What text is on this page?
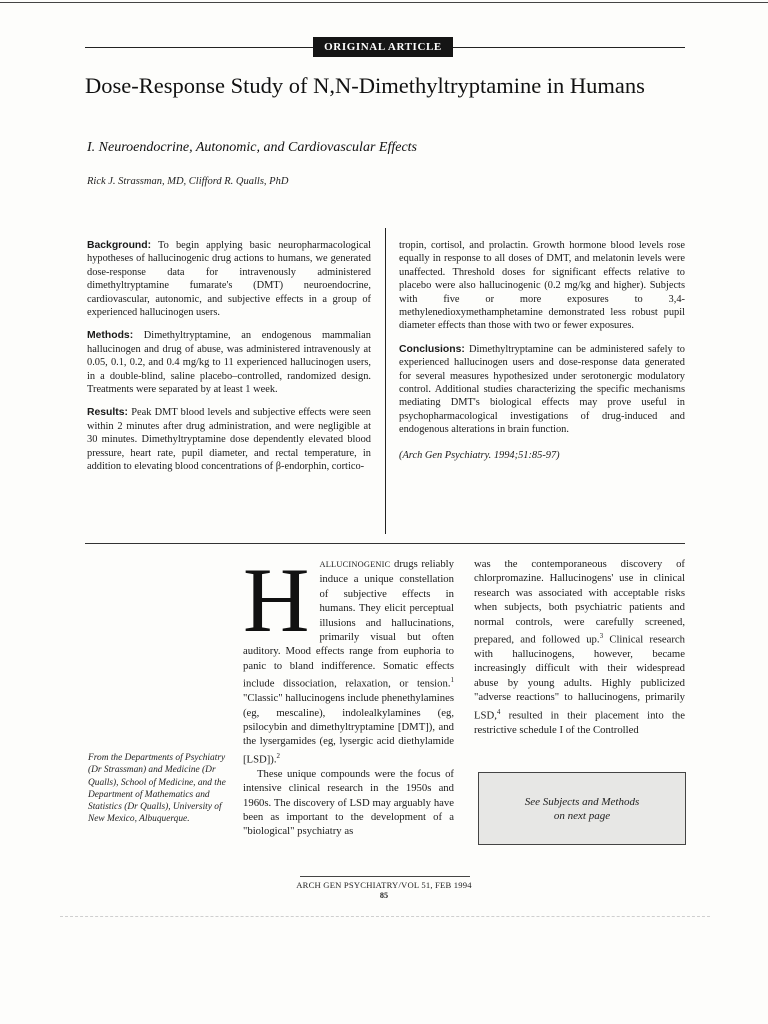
ORIGINAL ARTICLE
Dose-Response Study of N,N-Dimethyltryptamine in Humans
I. Neuroendocrine, Autonomic, and Cardiovascular Effects
Rick J. Strassman, MD, Clifford R. Qualls, PhD

Background: To begin applying basic neuropharmacological hypotheses of hallucinogenic drug actions to humans, we generated dose-response data for intravenously administered dimethyltryptamine fumarate's (DMT) neuroendocrine, cardiovascular, autonomic, and subjective effects in a group of experienced hallucinogen users.

Methods: Dimethyltryptamine, an endogenous mammalian hallucinogen and drug of abuse, was administered intravenously at 0.05, 0.1, 0.2, and 0.4 mg/kg to 11 experienced hallucinogen users, in a double-blind, saline placebo–controlled, randomized design. Treatments were separated by at least 1 week.

Results: Peak DMT blood levels and subjective effects were seen within 2 minutes after drug administration, and were negligible at 30 minutes. Dimethyltryptamine dose dependently elevated blood pressure, heart rate, pupil diameter, and rectal temperature, in addition to elevating blood concentrations of β-endorphin, cortico-

tropin, cortisol, and prolactin. Growth hormone blood levels rose equally in response to all doses of DMT, and melatonin levels were unaffected. Threshold doses for significant effects relative to placebo were also hallucinogenic (0.2 mg/kg and higher). Subjects with five or more exposures to 3,4-methylenedioxymethamphetamine demonstrated less robust pupil diameter effects than those with two or fewer exposures.

Conclusions: Dimethyltryptamine can be administered safely to experienced hallucinogen users and dose-response data generated for several measures hypothesized under serotonergic modulatory control. Additional studies characterizing the specific mechanisms mediating DMT's biological effects may prove useful in psychopharmacological investigations of drug-induced and endogenous alterations in brain function.

(Arch Gen Psychiatry. 1994;51:85-97)

H ALLUCINOGENIC drugs reliably induce a unique constellation of subjective effects in humans. They elicit perceptual illusions and hallucinations, primarily visual but often auditory. Mood effects range from euphoria to panic to bland indifference. Somatic effects include dissociation, relaxation, or tension.$^1$ "Classic" hallucinogens include phenethylamines (eg, mescaline), indolealkylamines (eg, psilocybin and dimethyltryptamine [DMT]), and the lysergamides (eg, lysergic acid diethylamide [LSD]).$^2$

These unique compounds were the focus of intensive clinical research in the 1950s and 1960s. The discovery of LSD may arguably have been as important to the development of a "biological" psychiatry as

was the contemporaneous discovery of chlorpromazine. Hallucinogens' use in clinical research was associated with acceptable risks when subjects, both psychiatric patients and normal controls, were carefully screened, prepared, and followed up.$^3$ Clinical research with hallucinogens, however, became increasingly difficult with their widespread abuse by young adults. Highly publicized "adverse reactions" to hallucinogens, primarily LSD,$^4$ resulted in their placement into the restrictive schedule I of the Controlled

From the Departments of Psychiatry (Dr Strassman) and Medicine (Dr Qualls), School of Medicine, and the Department of Mathematics and Statistics (Dr Qualls), University of New Mexico, Albuquerque.
See Subjects and Methods
on next page
ARCH GEN PSYCHIATRY/VOL 51, FEB 1994
85
